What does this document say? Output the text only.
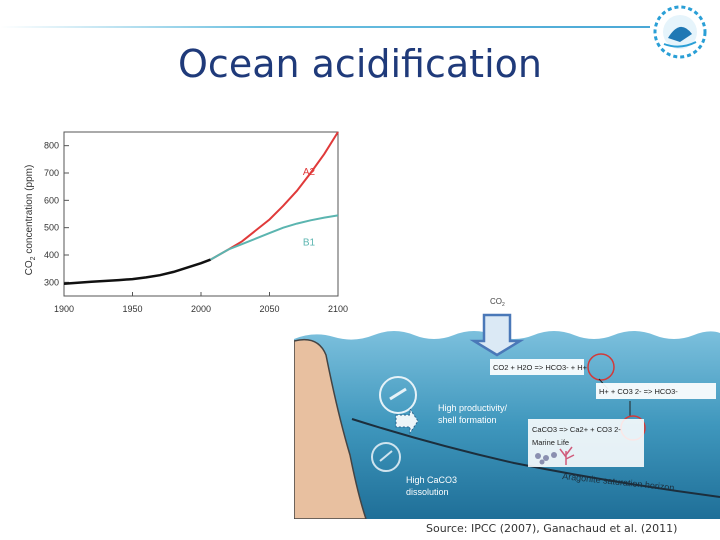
Ocean acidification
300
400
500
600
700
800
1900	1950	2000	2050	2100
A2
B1
$CO_2$ concentration (ppm)
$CO_2$
CO2 + H2O => HCO3- + H+
H+ + CO3 2- => HCO3-
CaCO3 => Ca2+ + CO3 2-
Marine Life
High productivity/
shell formation
High CaCO3
dissolution	Aragonite saturation horizon
Source: IPCC (2007), Ganachaud et al. (2011)
